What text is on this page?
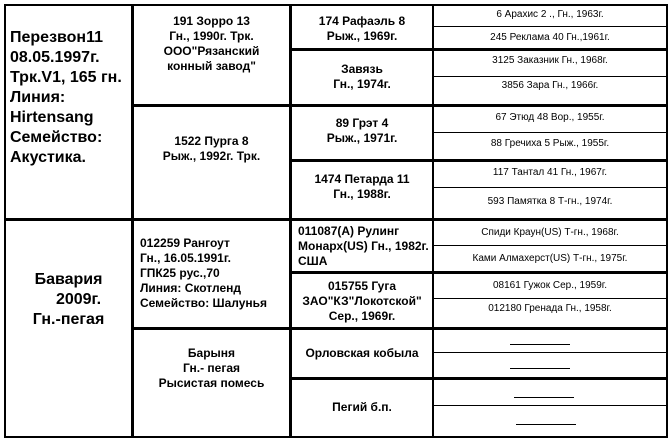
Перезвон11
08.05.1997г.
Трк.V1, 165 гн.
Линия:
Hirtensang
Семейство:
Акустика.
Бавария
2009г.
Гн.-пегая
191 Зорро 13
Гн., 1990г. Трк.
ООО"Рязанский
конный завод"
1522 Пурга 8
Рыж., 1992г. Трк.
012259 Рангоут
Гн., 16.05.1991г.
ГПК25 рус.,70
Линия: Скотленд
Семейство: Шалунья
Барыня
Гн.- пегая
Рысистая помесь
174 Рафаэль 8
Рыж., 1969г.
Завязь
Гн., 1974г.
89 Грэт 4
Рыж., 1971г.
1474 Петарда 11
Гн., 1988г.
011087(А) Рулинг
Монарх(US) Гн., 1982г.
США
015755 Гуга
ЗАО"КЗ"Локотской"
Сер., 1969г.
Орловская кобыла
Пегий б.п.
6 Арахис 2 ., Гн., 1963г.
245 Реклама 40 Гн.,1961г.
3125 Заказник Гн., 1968г.
3856 Зара Гн., 1966г.
67 Этюд 48 Вор., 1955г.
88 Гречиха 5 Рыж., 1955г.
117 Тантал 41 Гн., 1967г.
593 Памятка 8 Т-гн., 1974г.
Спиди Краун(US) Т-гн., 1968г.
Ками Алмахерст(US) Т-гн., 1975г.
08161 Гужок Сер., 1959г.
012180 Гренада Гн., 1958г.
